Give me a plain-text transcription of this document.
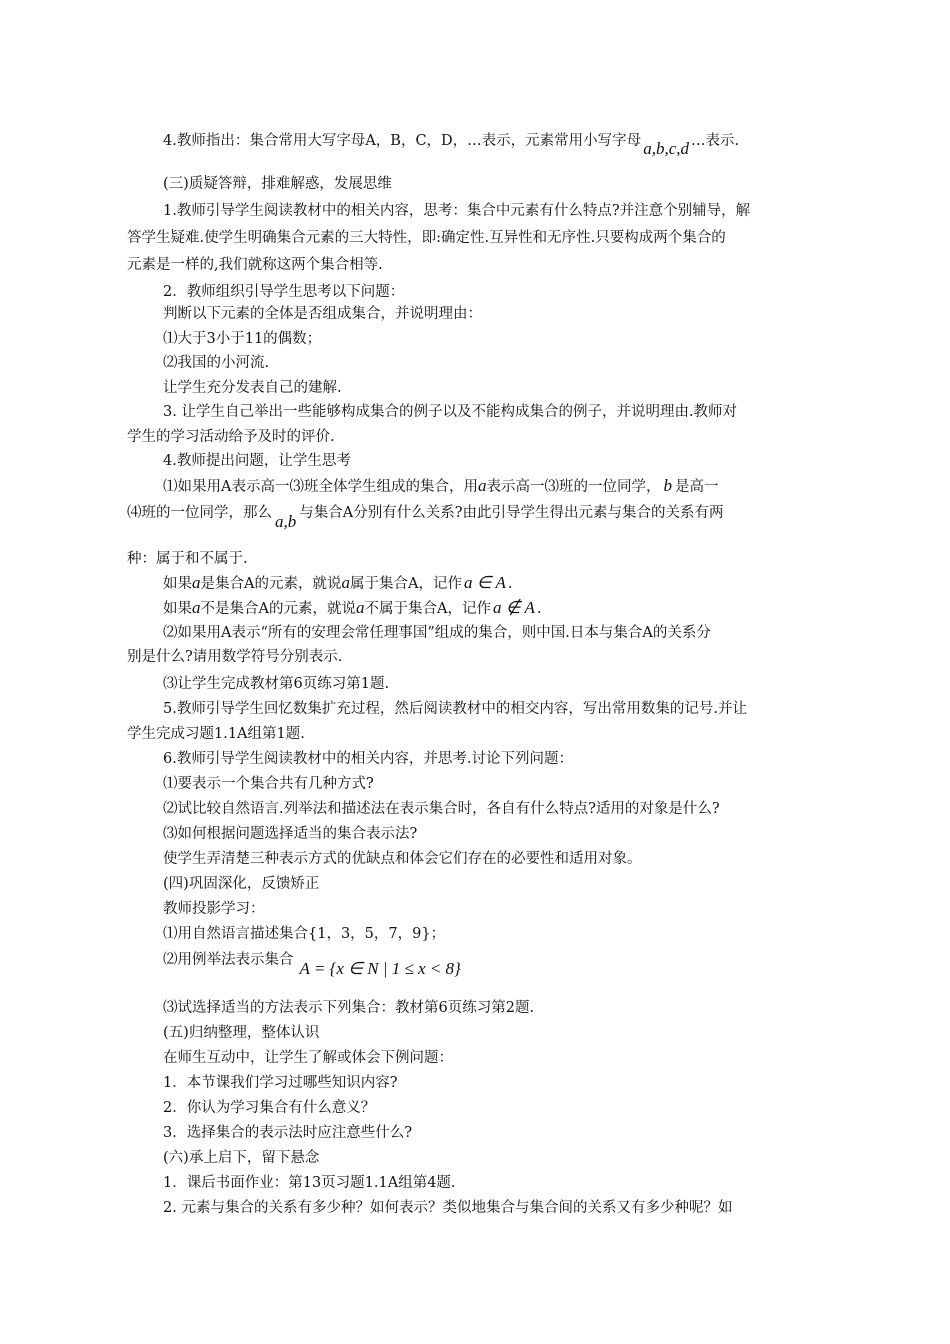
4.教师指出：集合常用大写字母A，B，C，D，…表示，元素常用小写字母 a,b,c,d …表示.
(三)质疑答辩，排难解惑，发展思维
1.教师引导学生阅读教材中的相关内容，思考：集合中元素有什么特点?并注意个别辅导，解
答学生疑难.使学生明确集合元素的三大特性，即:确定性.互异性和无序性.只要构成两个集合的
元素是一样的,我们就称这两个集合相等.
2．教师组织引导学生思考以下问题：
判断以下元素的全体是否组成集合，并说明理由：
⑴大于3小于11的偶数；
⑵我国的小河流.
让学生充分发表自己的建解.
3. 让学生自己举出一些能够构成集合的例子以及不能构成集合的例子，并说明理由.教师对
学生的学习活动给予及时的评价.
4.教师提出问题，让学生思考
⑴如果用A表示高一⑶班全体学生组成的集合，用a表示高一⑶班的一位同学， b 是高一
⑷班的一位同学，那么 a,b 与集合A分别有什么关系?由此引导学生得出元素与集合的关系有两
种：属于和不属于.
如果a是集合A的元素，就说a属于集合A，记作 a ∈ A .
如果a不是集合A的元素，就说a不属于集合A，记作 a ∉ A .
⑵如果用A表示“所有的安理会常任理事国”组成的集合，则中国.日本与集合A的关系分
别是什么?请用数学符号分别表示.
⑶让学生完成教材第6页练习第1题.
5.教师引导学生回忆数集扩充过程，然后阅读教材中的相交内容，写出常用数集的记号.并让
学生完成习题1.1A组第1题.
6.教师引导学生阅读教材中的相关内容，并思考.讨论下列问题：
⑴要表示一个集合共有几种方式?
⑵试比较自然语言.列举法和描述法在表示集合时，各自有什么特点?适用的对象是什么?
⑶如何根据问题选择适当的集合表示法?
使学生弄清楚三种表示方式的优缺点和体会它们存在的必要性和适用对象。
(四)巩固深化，反馈矫正
教师投影学习：
⑴用自然语言描述集合{1，3，5，7，9}；
⑵用例举法表示集合 A = {x ∈ N | 1 ≤ x < 8}
⑶试选择适当的方法表示下列集合：教材第6页练习第2题.
(五)归纳整理，整体认识
在师生互动中，让学生了解或体会下例问题：
1．本节课我们学习过哪些知识内容?
2．你认为学习集合有什么意义？
3．选择集合的表示法时应注意些什么?
(六)承上启下，留下悬念
1．课后书面作业：第13页习题1.1A组第4题.
2. 元素与集合的关系有多少种？如何表示？类似地集合与集合间的关系又有多少种呢？如
